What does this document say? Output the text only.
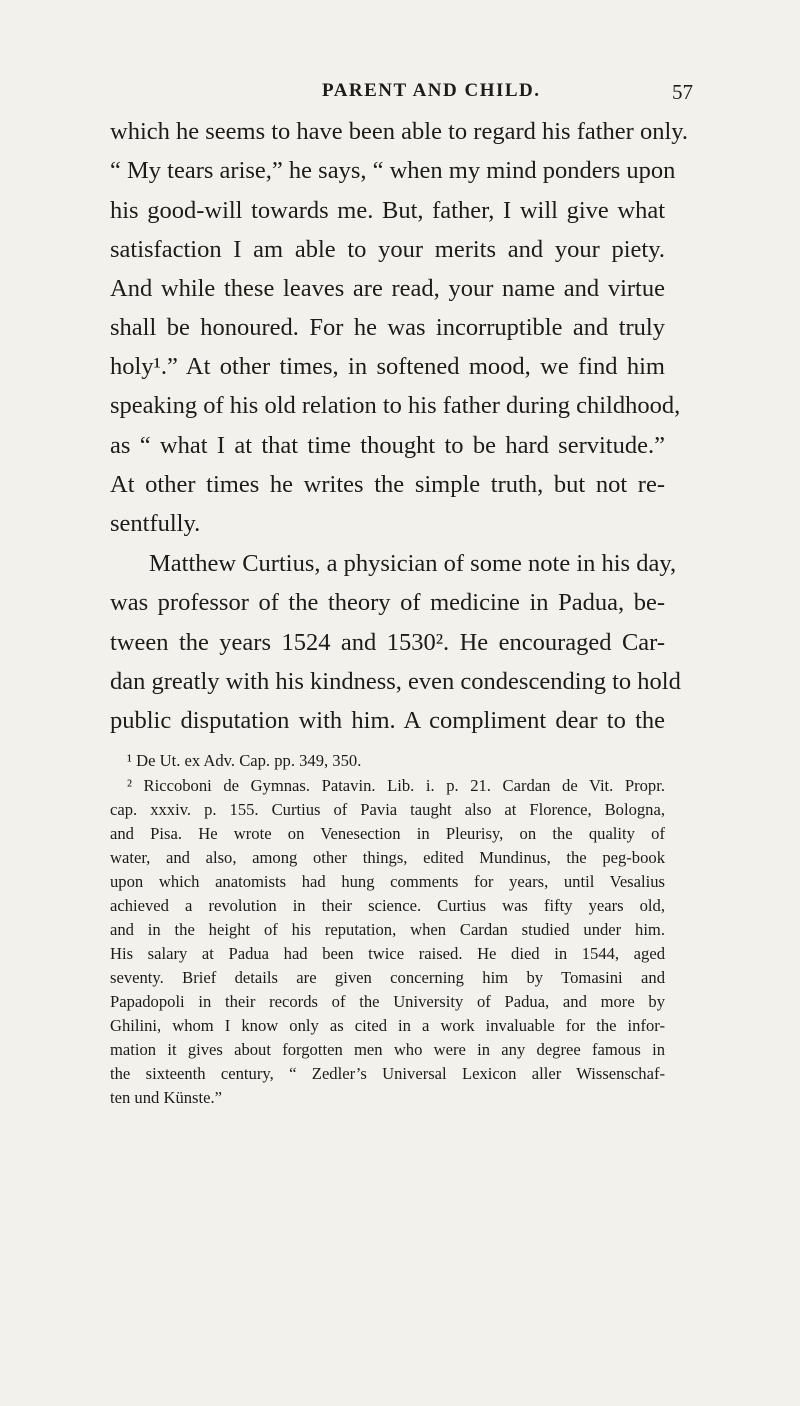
PARENT AND CHILD.	57
which he seems to have been able to regard his father only.
“ My tears arise,” he says, “ when my mind ponders upon
his good-will towards me. But, father, I will give what
satisfaction I am able to your merits and your piety.
And while these leaves are read, your name and virtue
shall be honoured. For he was incorruptible and truly
holy¹.” At other times, in softened mood, we find him
speaking of his old relation to his father during childhood,
as “ what I at that time thought to be hard servitude.”
At other times he writes the simple truth, but not re-
sentfully.
Matthew Curtius, a physician of some note in his day,
was professor of the theory of medicine in Padua, be-
tween the years 1524 and 1530². He encouraged Car-
dan greatly with his kindness, even condescending to hold
public disputation with him. A compliment dear to the
¹ De Ut. ex Adv. Cap. pp. 349, 350.
² Riccoboni de Gymnas. Patavin. Lib. i. p. 21. Cardan de Vit. Propr.
cap. xxxiv. p. 155. Curtius of Pavia taught also at Florence, Bologna,
and Pisa. He wrote on Venesection in Pleurisy, on the quality of
water, and also, among other things, edited Mundinus, the peg-book
upon which anatomists had hung comments for years, until Vesalius
achieved a revolution in their science. Curtius was fifty years old,
and in the height of his reputation, when Cardan studied under him.
His salary at Padua had been twice raised. He died in 1544, aged
seventy. Brief details are given concerning him by Tomasini and
Papadopoli in their records of the University of Padua, and more by
Ghilini, whom I know only as cited in a work invaluable for the infor-
mation it gives about forgotten men who were in any degree famous in
the sixteenth century, “ Zedler’s Universal Lexicon aller Wissenschaf-
ten und Künste.”
